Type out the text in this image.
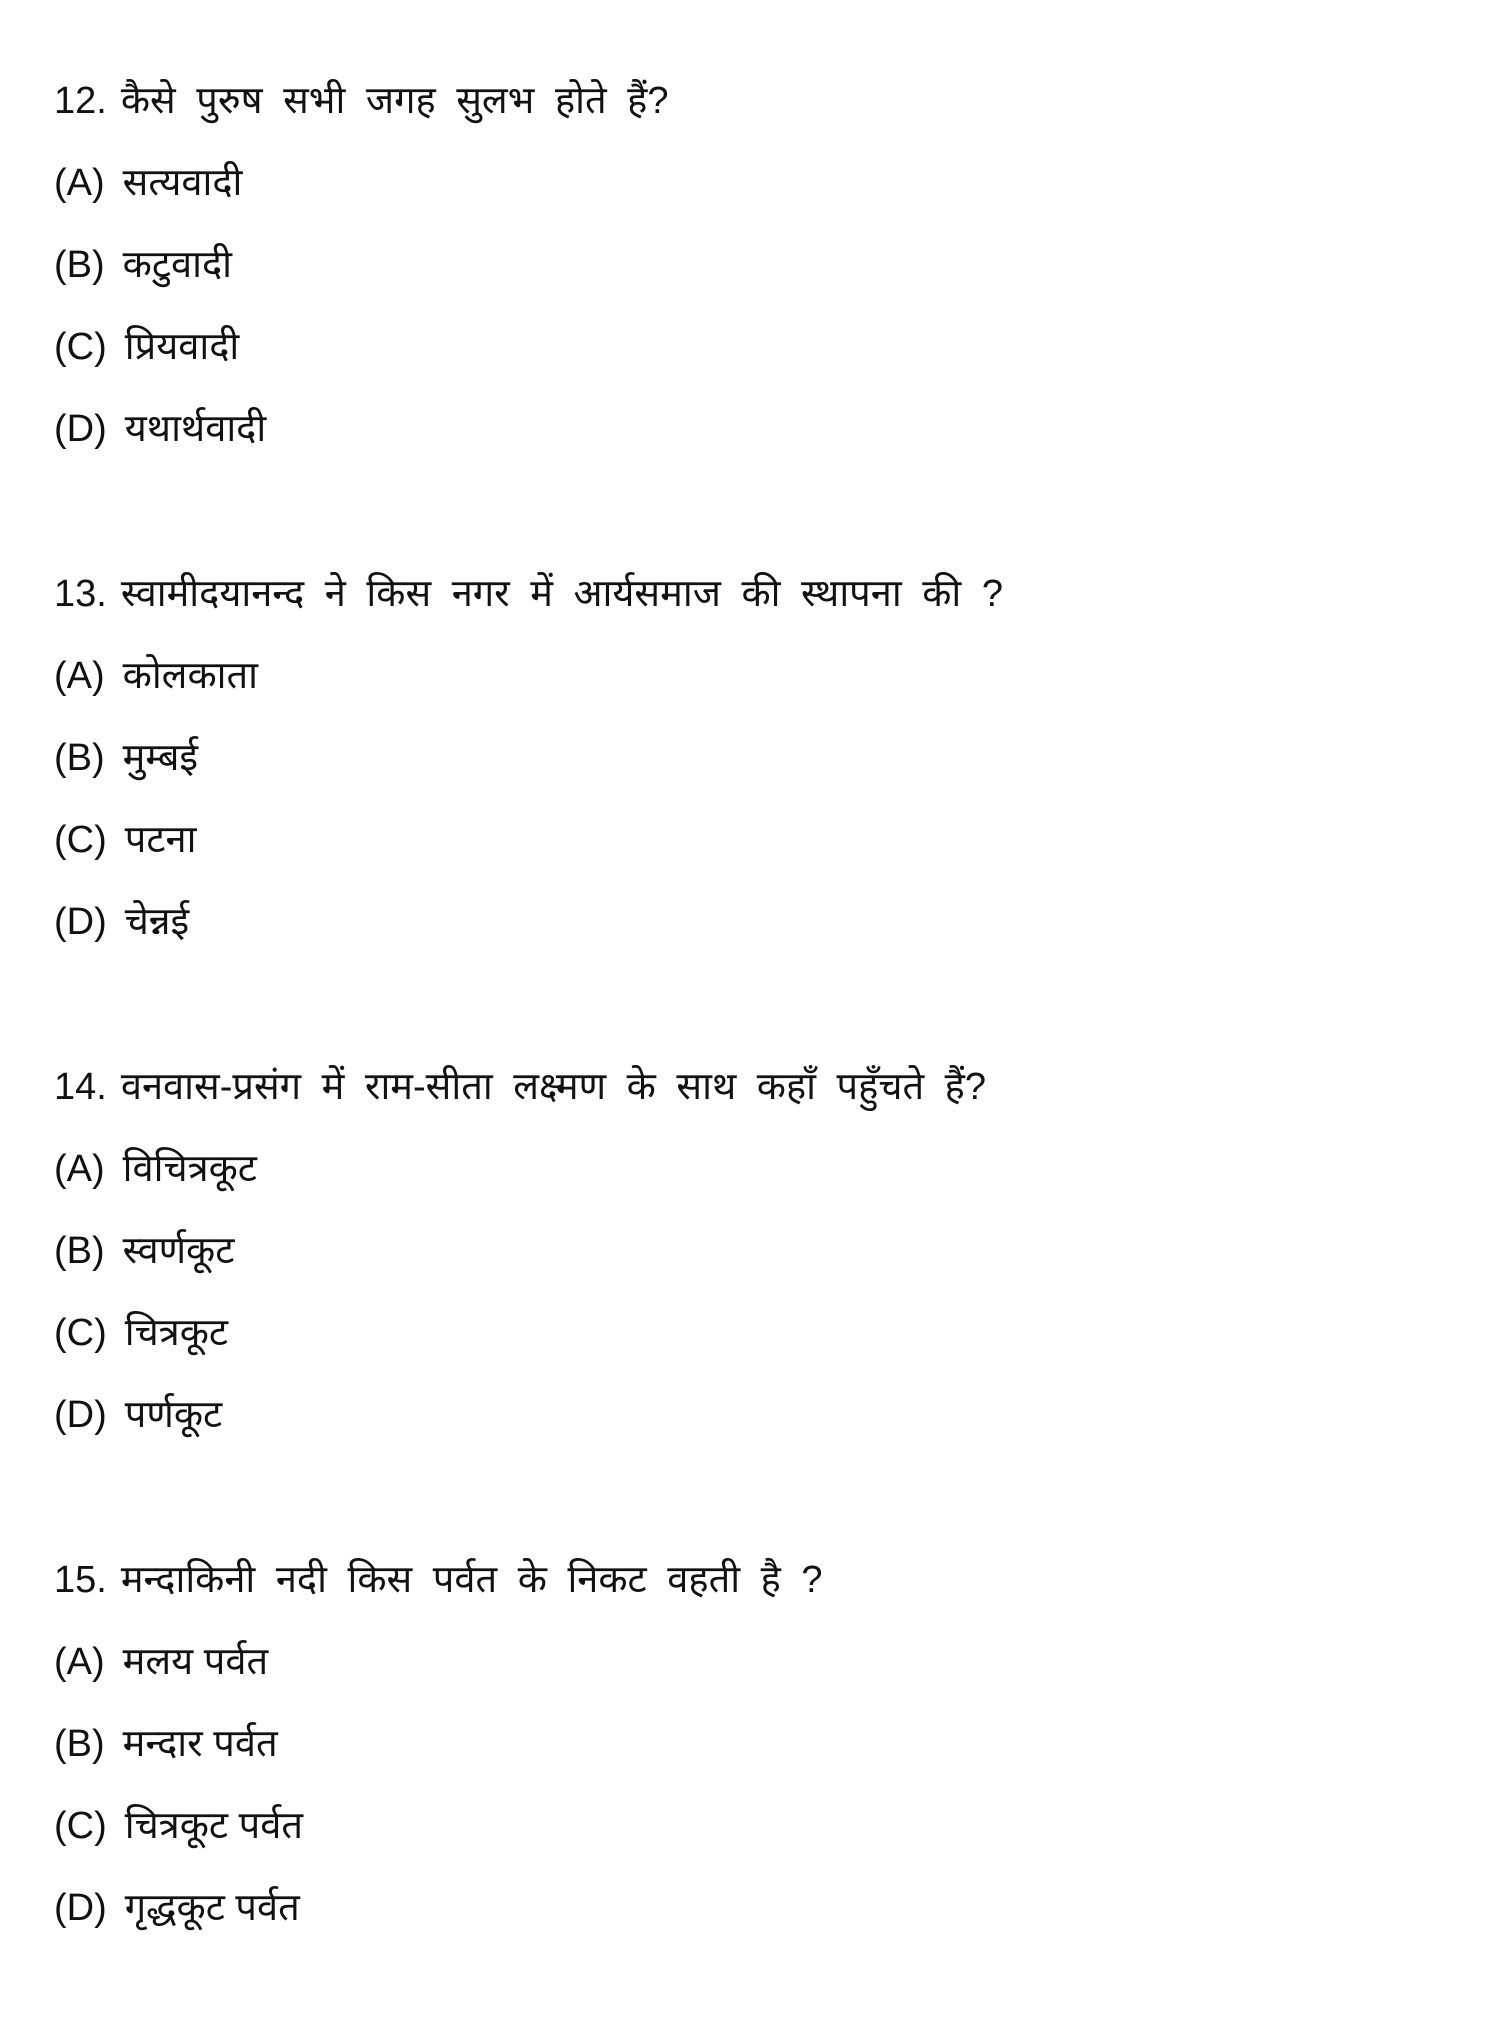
12. कैसे पुरुष सभी जगह सुलभ होते हैं?
(A) सत्यवादी
(B) कटुवादी
(C) प्रियवादी
(D) यथार्थवादी
13. स्वामीदयानन्द ने किस नगर में आर्यसमाज की स्थापना की ?
(A) कोलकाता
(B) मुम्बई
(C) पटना
(D) चेन्नई
14. वनवास-प्रसंग में राम-सीता लक्ष्मण के साथ कहाँ पहुँचते हैं?
(A) विचित्रकूट
(B) स्वर्णकूट
(C) चित्रकूट
(D) पर्णकूट
15. मन्दाकिनी नदी किस पर्वत के निकट वहती है ?
(A) मलय पर्वत
(B) मन्दार पर्वत
(C) चित्रकूट पर्वत
(D) गृद्धकूट पर्वत
